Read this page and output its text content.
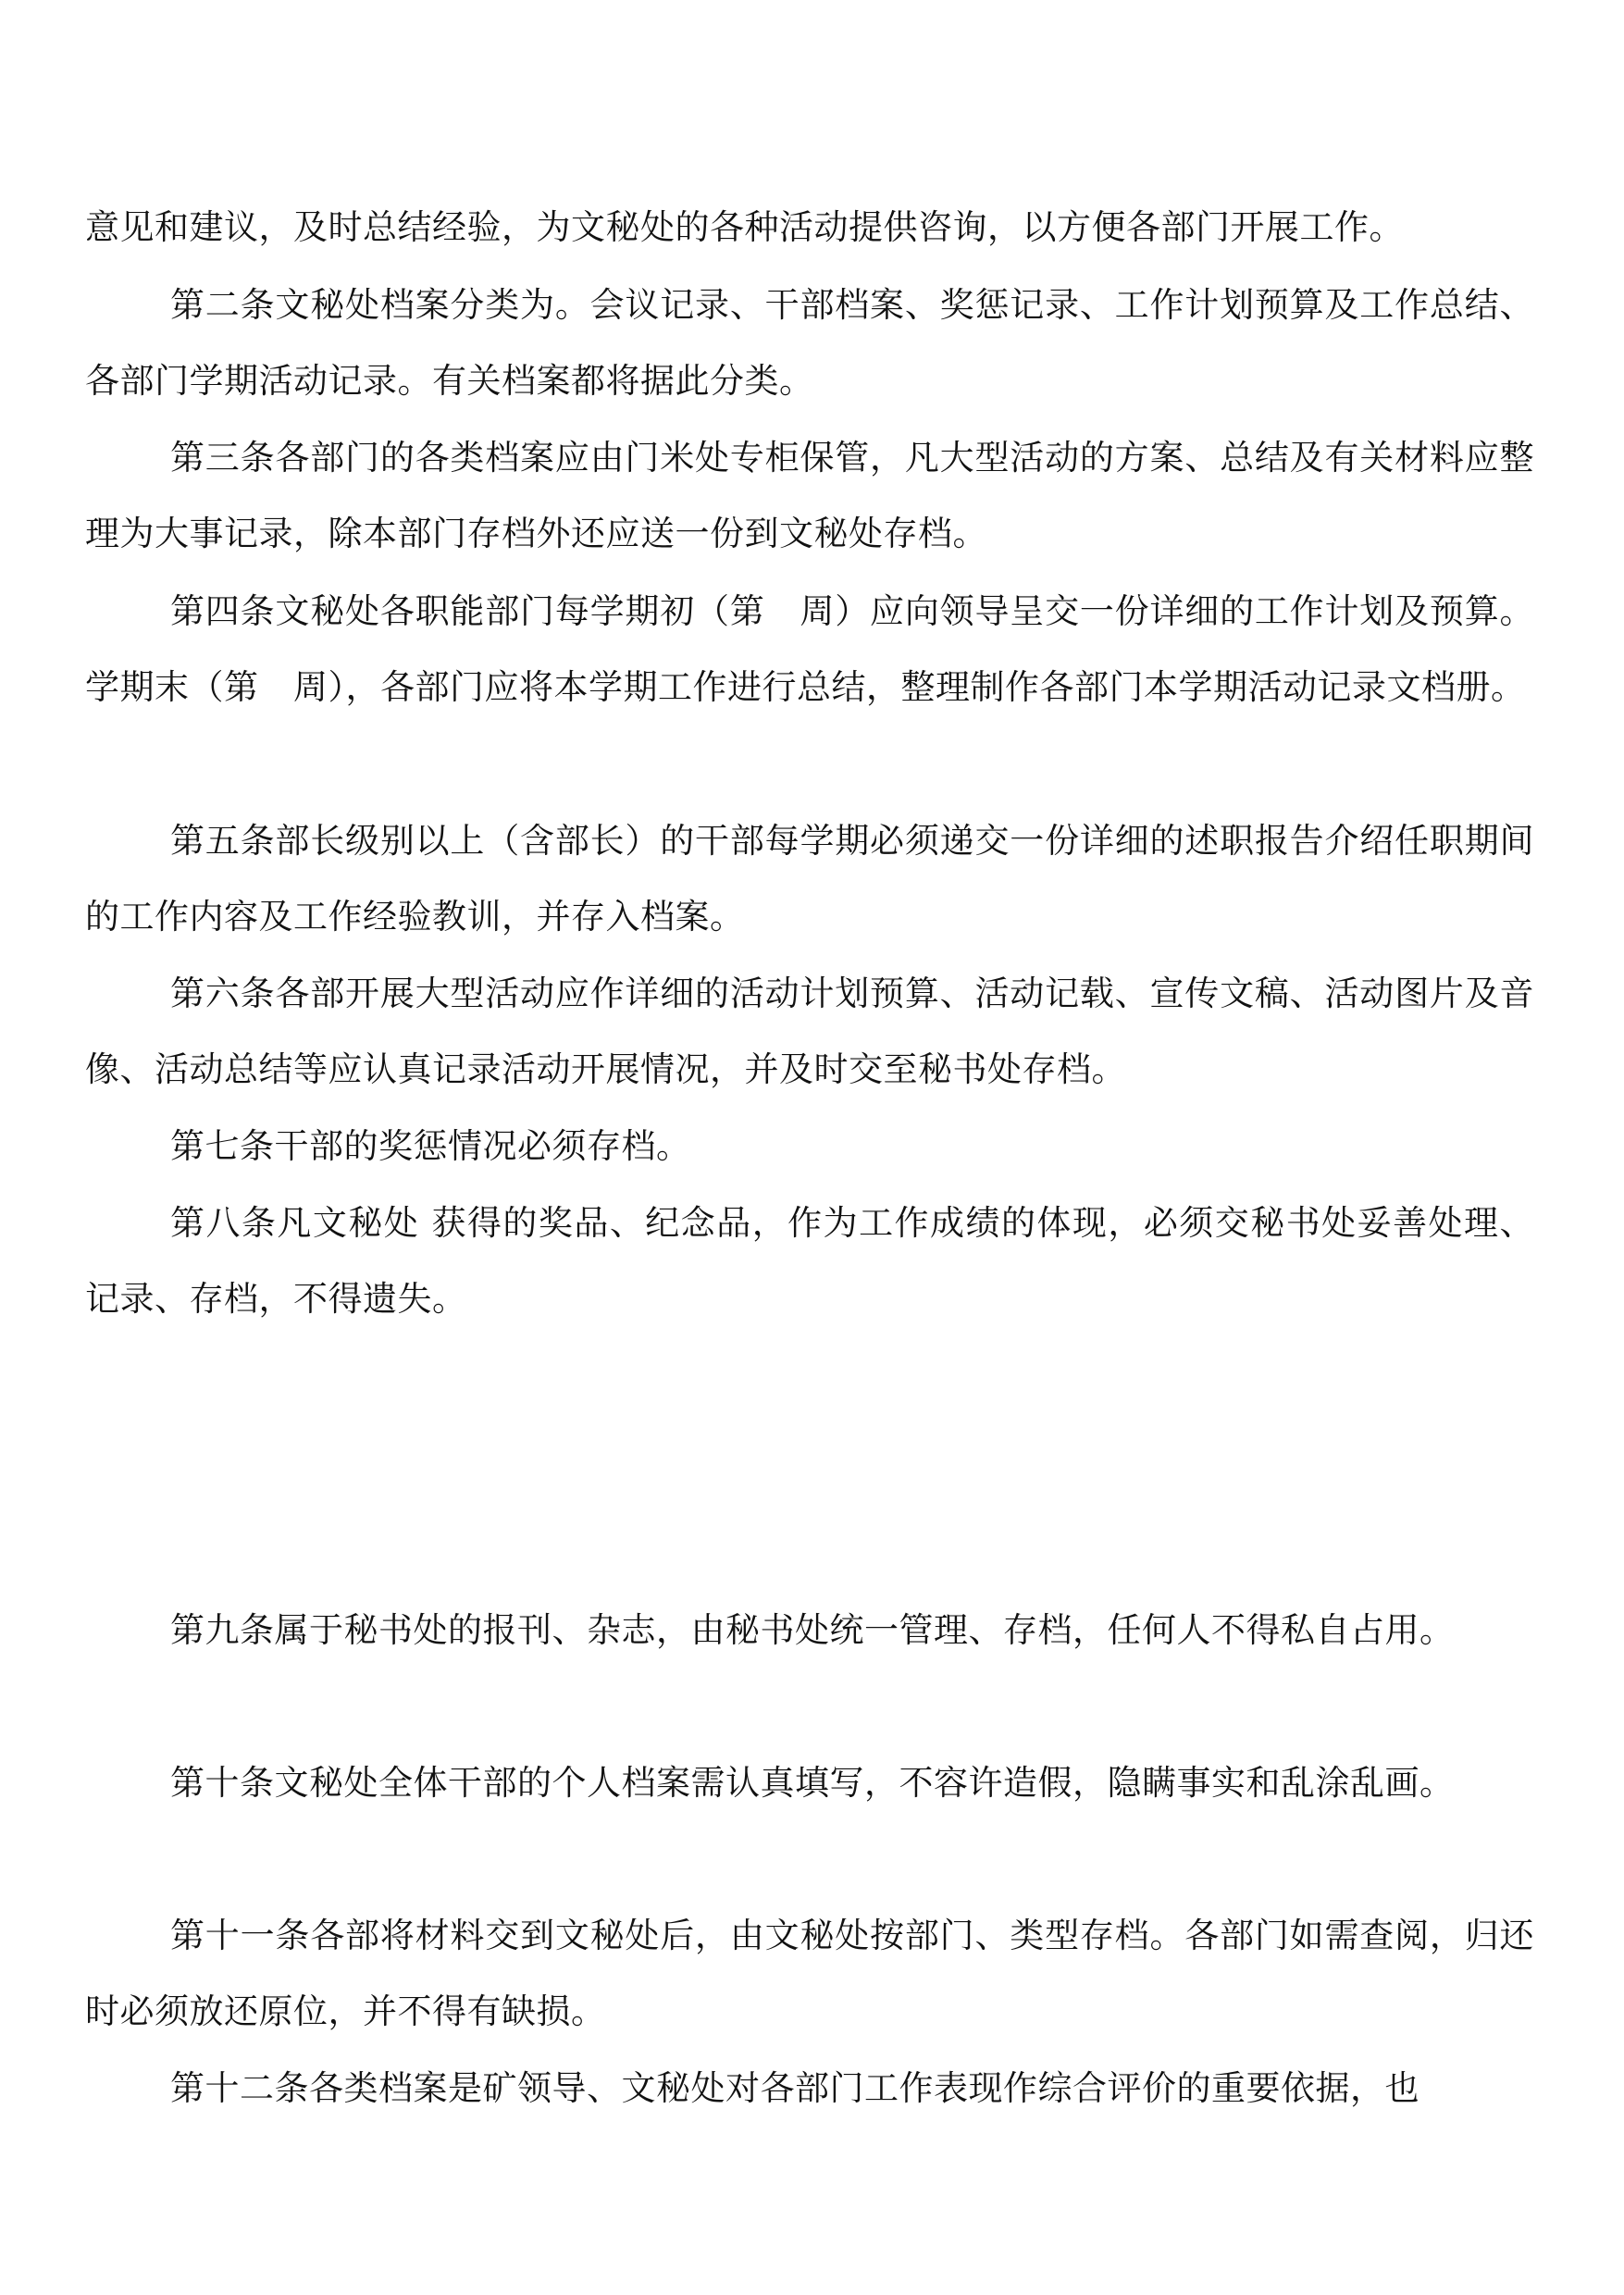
意见和建议，及时总结经验，为文秘处的各种活动提供咨询，以方便各部门开展工作。

第二条文秘处档案分类为。会议记录、干部档案、奖惩记录、工作计划预算及工作总结、各部门学期活动记录。有关档案都将据此分类。

第三条各部门的各类档案应由门米处专柜保管，凡大型活动的方案、总结及有关材料应整理为大事记录，除本部门存档外还应送一份到文秘处存档。

第四条文秘处各职能部门每学期初（第　周）应向领导呈交一份详细的工作计划及预算。学期末（第　周），各部门应将本学期工作进行总结，整理制作各部门本学期活动记录文档册。

第五条部长级别以上（含部长）的干部每学期必须递交一份详细的述职报告介绍任职期间的工作内容及工作经验教训，并存入档案。

第六条各部开展大型活动应作详细的活动计划预算、活动记载、宣传文稿、活动图片及音像、活动总结等应认真记录活动开展情况，并及时交至秘书处存档。

第七条干部的奖惩情况必须存档。

第八条凡文秘处 获得的奖品、纪念品，作为工作成绩的体现，必须交秘书处妥善处理、记录、存档，不得遗失。

第九条属于秘书处的报刊、杂志，由秘书处统一管理、存档，任何人不得私自占用。

第十条文秘处全体干部的个人档案需认真填写，不容许造假，隐瞒事实和乱涂乱画。

第十一条各部将材料交到文秘处后，由文秘处按部门、类型存档。各部门如需查阅，归还时必须放还原位，并不得有缺损。

第十二条各类档案是矿领导、文秘处对各部门工作表现作综合评价的重要依据，也
